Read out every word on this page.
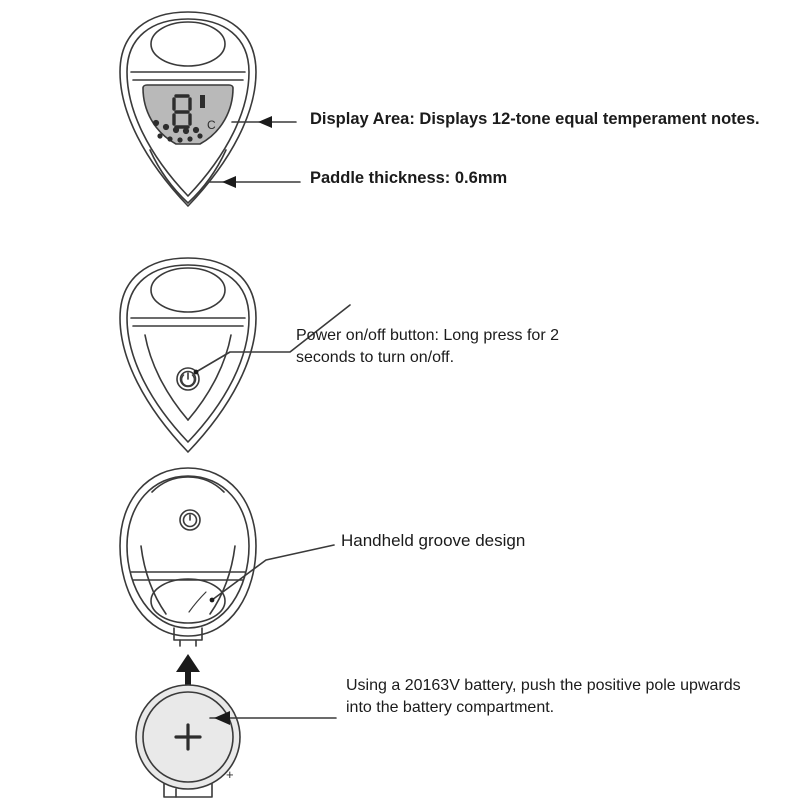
C
+
Display Area: Displays 12-tone equal temperament notes.
Paddle thickness: 0.6mm
Power on/off button: Long press for 2 seconds to turn on/off.
Handheld groove design
Using a 20163V battery, push the positive pole upwards into the battery compartment.
